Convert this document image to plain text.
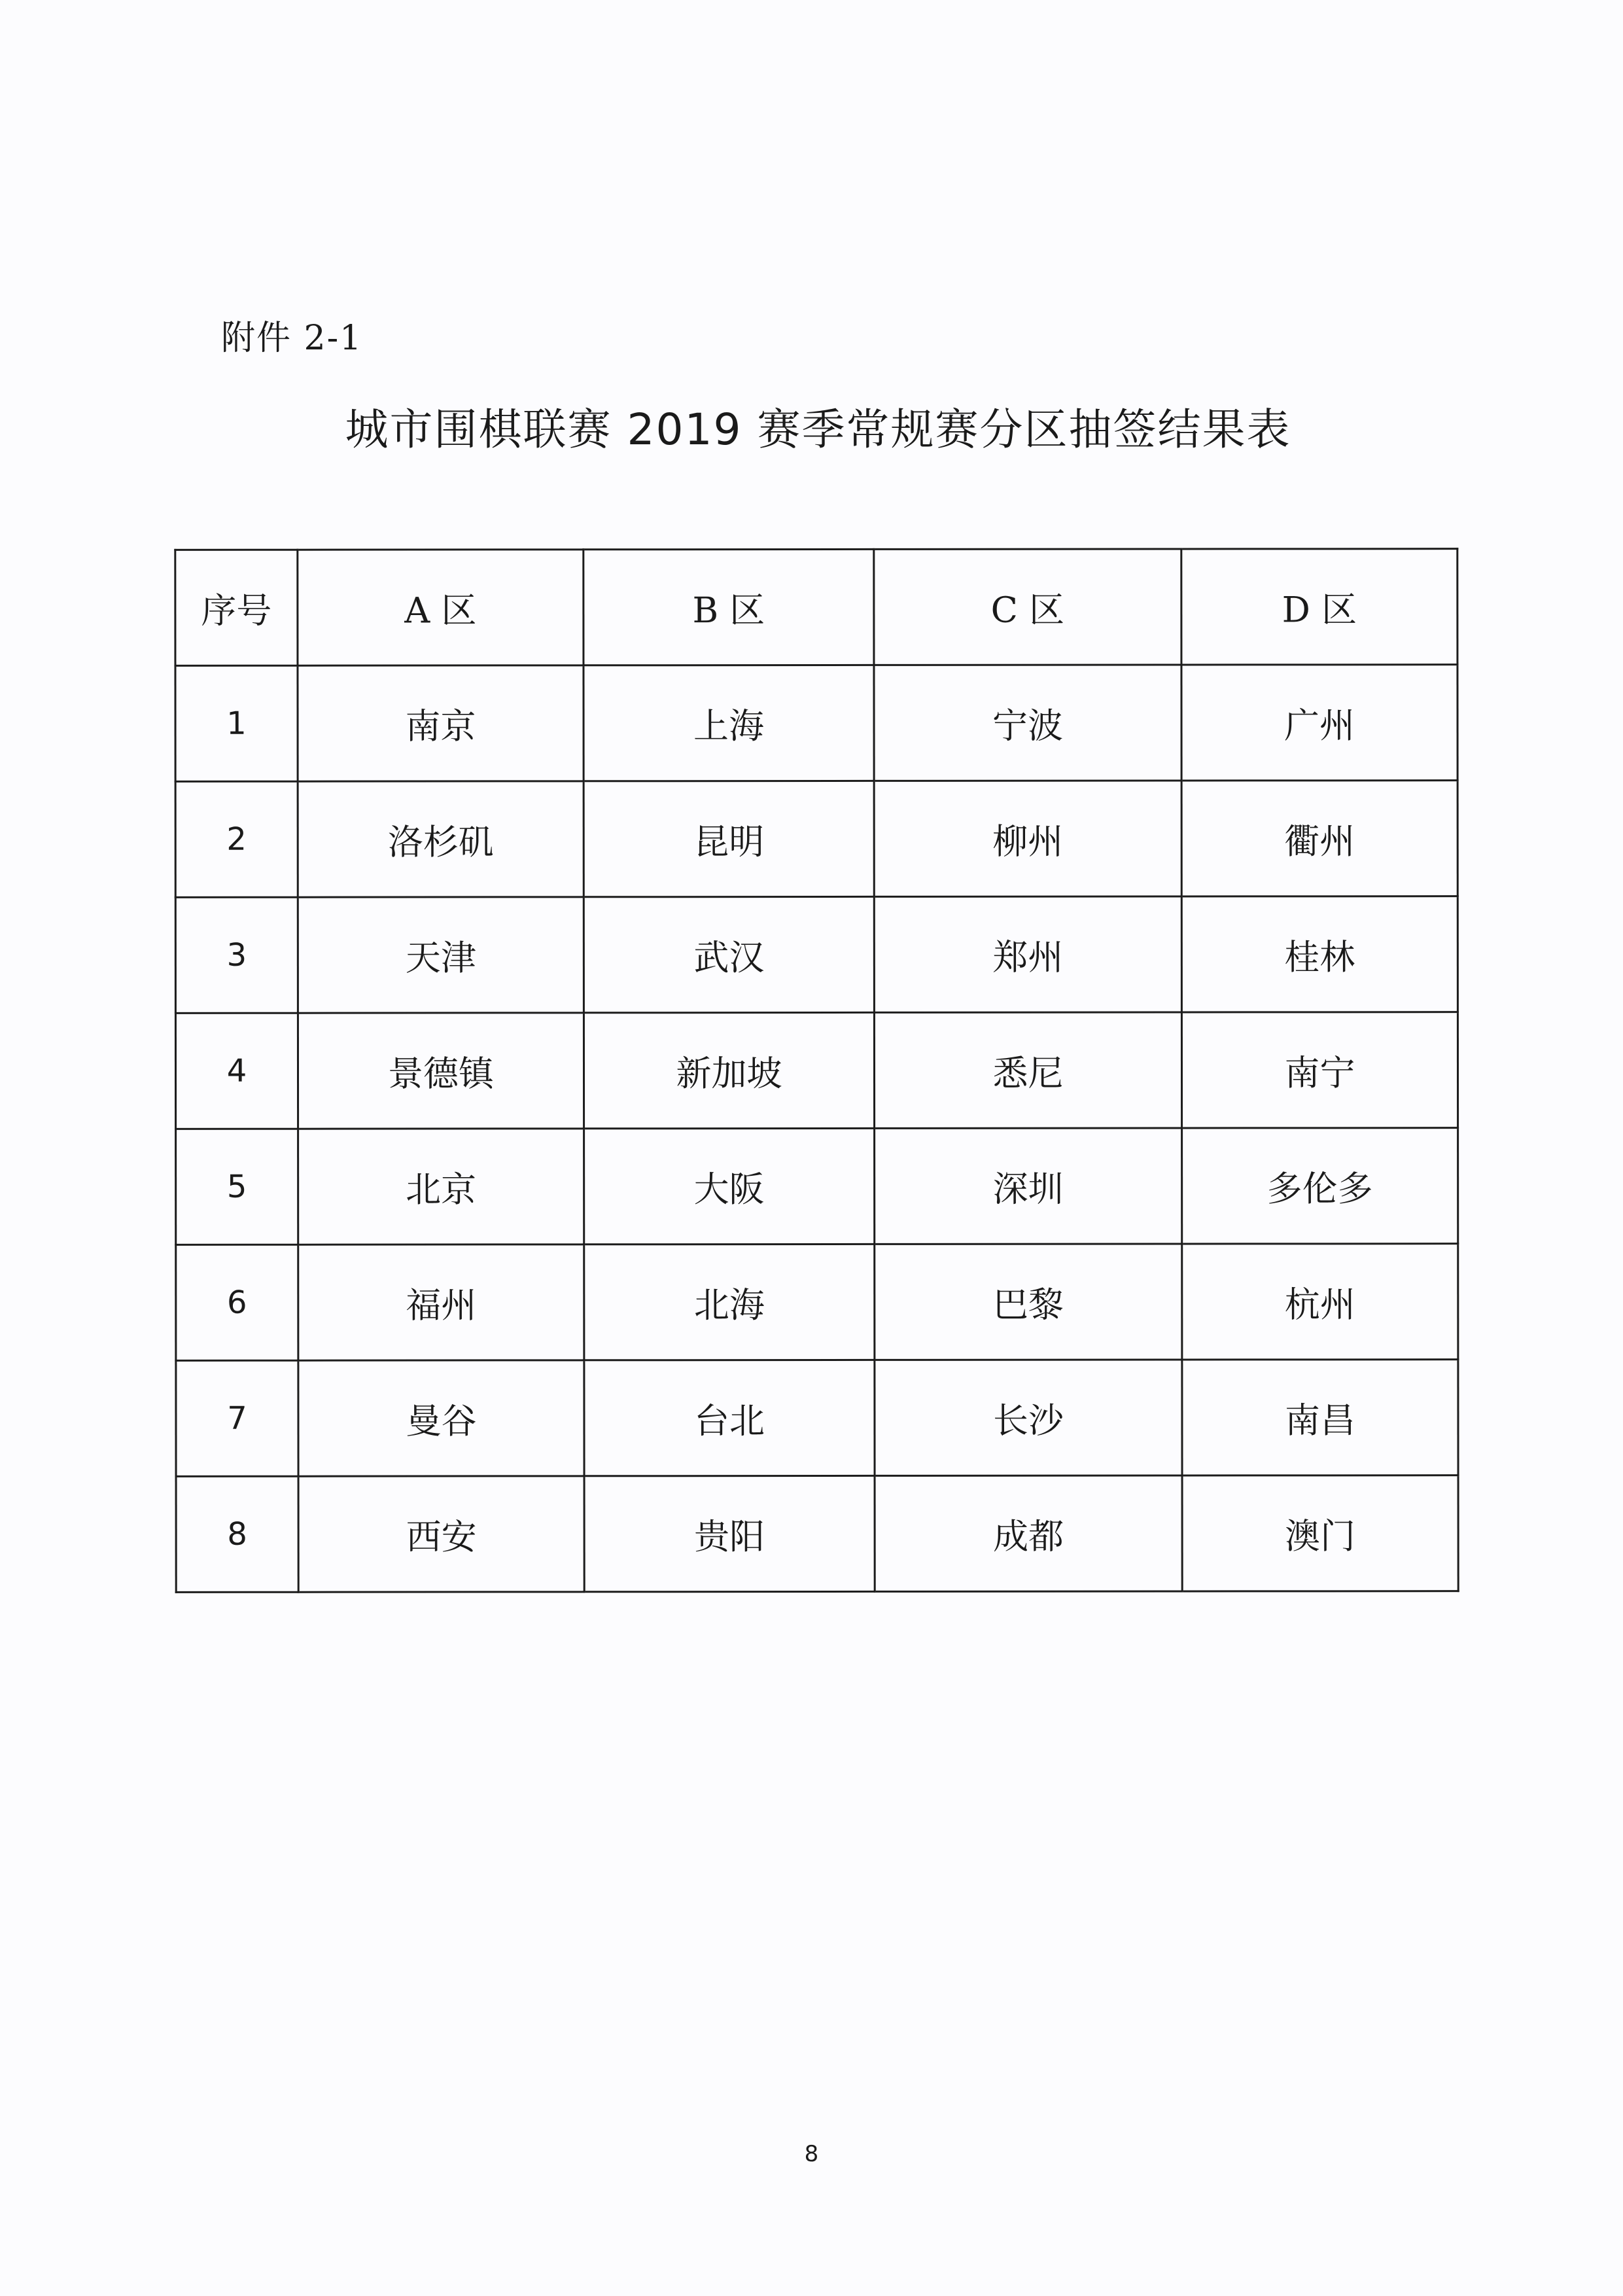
附件 2-1
城市围棋联赛 2019 赛季常规赛分区抽签结果表
序号	A 区	B 区	C 区	D 区
1	南京	上海	宁波	广州
2	洛杉矶	昆明	柳州	衢州
3	天津	武汉	郑州	桂林
4	景德镇	新加坡	悉尼	南宁
5	北京	大阪	深圳	多伦多
6	福州	北海	巴黎	杭州
7	曼谷	台北	长沙	南昌
8	西安	贵阳	成都	澳门
8
